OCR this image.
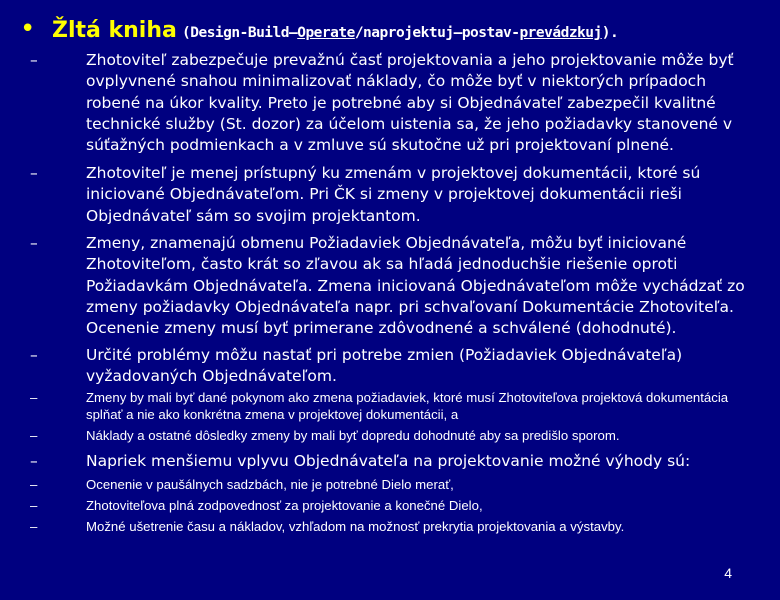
• Žltá kniha (Design-Build–Operate/naprojektuj–postav-prevádzkuj).
–	Zhotoviteľ zabezpečuje prevažnú časť projektovania a jeho projektovanie môže byť ovplyvnené snahou minimalizovať náklady, čo môže byť v niektorých prípadoch robené na úkor kvality. Preto je potrebné aby si Objednávateľ zabezpečil kvalitné technické služby (St. dozor) za účelom uistenia sa, že jeho požiadavky stanovené v súťažných podmienkach a v zmluve sú skutočne už pri projektovaní plnené.
–	Zhotoviteľ je menej prístupný ku zmenám v projektovej dokumentácii, ktoré sú iniciované Objednávateľom. Pri ČK si zmeny v projektovej dokumentácii rieši Objednávateľ sám so svojim projektantom.
–	Zmeny, znamenajú obmenu Požiadaviek Objednávateľa, môžu byť iniciované Zhotoviteľom, často krát so zľavou ak sa hľadá jednoduchšie riešenie oproti Požiadavkám Objednávateľa. Zmena iniciovaná Objednávateľom môže vychádzať zo zmeny požiadavky Objednávateľa napr. pri schvaľovaní Dokumentácie Zhotoviteľa. Ocenenie zmeny musí byť primerane zdôvodnené a schválené (dohodnuté).
–	Určité problémy môžu nastať pri potrebe zmien (Požiadaviek Objednávateľa) vyžadovaných Objednávateľom.
–	Zmeny by mali byť dané pokynom ako zmena požiadaviek, ktoré musí Zhotoviteľova projektová dokumentácia splňať a nie ako konkrétna zmena v projektovej dokumentácii, a
–	Náklady a ostatné dôsledky zmeny by mali byť dopredu dohodnuté aby sa predišlo sporom.
–	Napriek menšiemu vplyvu Objednávateľa na projektovanie možné výhody sú:
–	Ocenenie v paušálnych sadzbách, nie je potrebné Dielo merať,
–	Zhotoviteľova plná zodpovednosť za projektovanie a konečné Dielo,
–	Možné ušetrenie času a nákladov, vzhľadom na možnosť prekrytia projektovania a výstavby.
4
